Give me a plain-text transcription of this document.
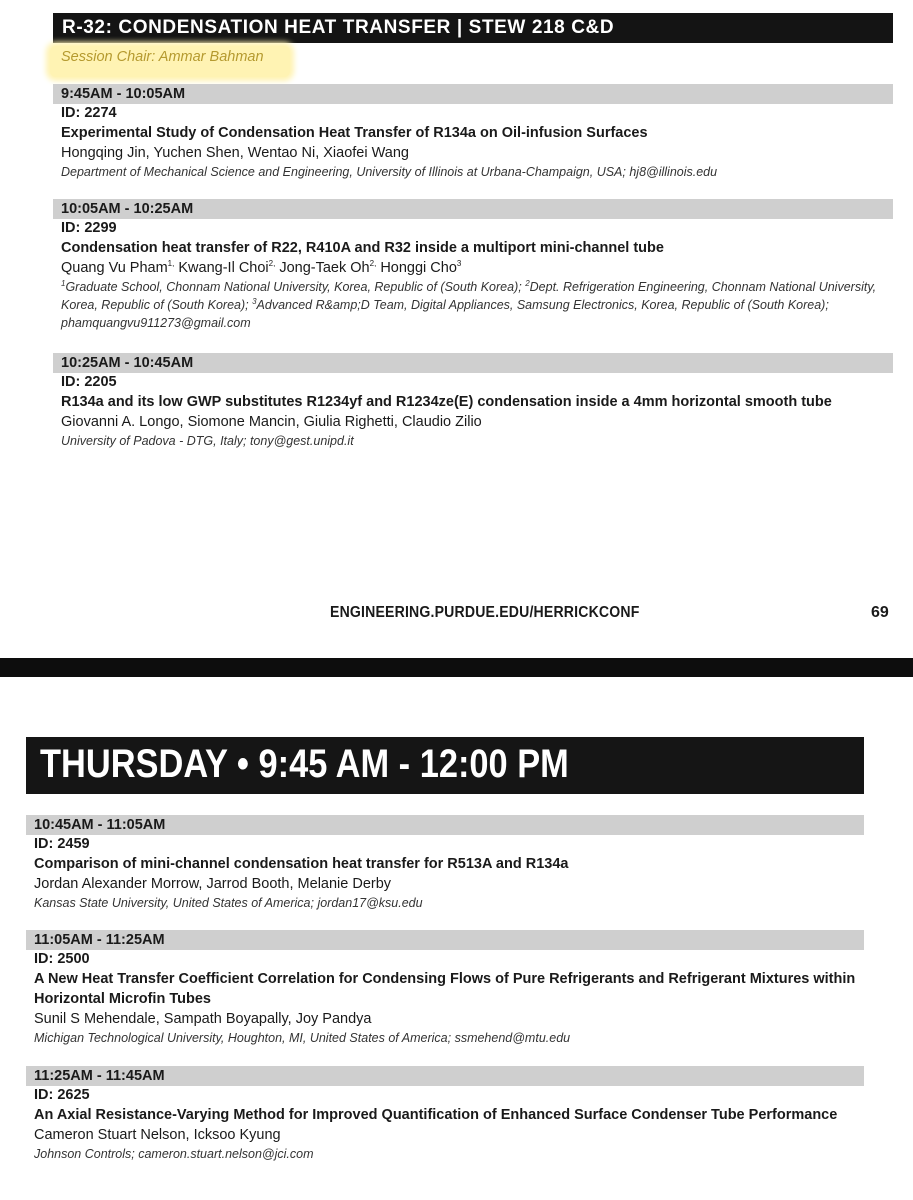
R-32: CONDENSATION HEAT TRANSFER | STEW 218 C&D
Session Chair: Ammar Bahman
9:45AM - 10:05AM
ID: 2274
Experimental Study of Condensation Heat Transfer of R134a on Oil-infusion Surfaces
Hongqing Jin, Yuchen Shen, Wentao Ni, Xiaofei Wang
Department of Mechanical Science and Engineering, University of Illinois at Urbana-Champaign, USA; hj8@illinois.edu
10:05AM - 10:25AM
ID: 2299
Condensation heat transfer of R22, R410A and R32 inside a multiport mini-channel tube
Quang Vu Pham$^{1,}$ Kwang-Il Choi$^{2,}$ Jong-Taek $Oh^{2,}$ Honggi Cho$^3$
$^1$Graduate School, Chonnam National University, Korea, Republic of (South Korea); $^2$Dept. Refrigeration Engineering, Chonnam National University, Korea, Republic of (South Korea); $^3$Advanced R&amp;D Team, Digital Appliances, Samsung Electronics, Korea, Republic of (South Korea); phamquangvu911273@gmail.com
10:25AM - 10:45AM
ID: 2205
R134a and its low GWP substitutes R1234yf and R1234ze(E) condensation inside a 4mm horizontal smooth tube
Giovanni A. Longo, Siomone Mancin, Giulia Righetti, Claudio Zilio
University of Padova - DTG, Italy; tony@gest.unipd.it
ENGINEERING.PURDUE.EDU/HERRICKCONF	69
THURSDAY • 9:45 AM - 12:00 PM
10:45AM - 11:05AM
ID: 2459
Comparison of mini-channel condensation heat transfer for R513A and R134a
Jordan Alexander Morrow, Jarrod Booth, Melanie Derby
Kansas State University, United States of America; jordan17@ksu.edu
11:05AM - 11:25AM
ID: 2500
A New Heat Transfer Coefficient Correlation for Condensing Flows of Pure Refrigerants and Refrigerant Mixtures within Horizontal Microfin Tubes
Sunil S Mehendale, Sampath Boyapally, Joy Pandya
Michigan Technological University, Houghton, MI, United States of America; ssmehend@mtu.edu
11:25AM - 11:45AM
ID: 2625
An Axial Resistance-Varying Method for Improved Quantification of Enhanced Surface Condenser Tube Performance
Cameron Stuart Nelson, Icksoo Kyung
Johnson Controls; cameron.stuart.nelson@jci.com
